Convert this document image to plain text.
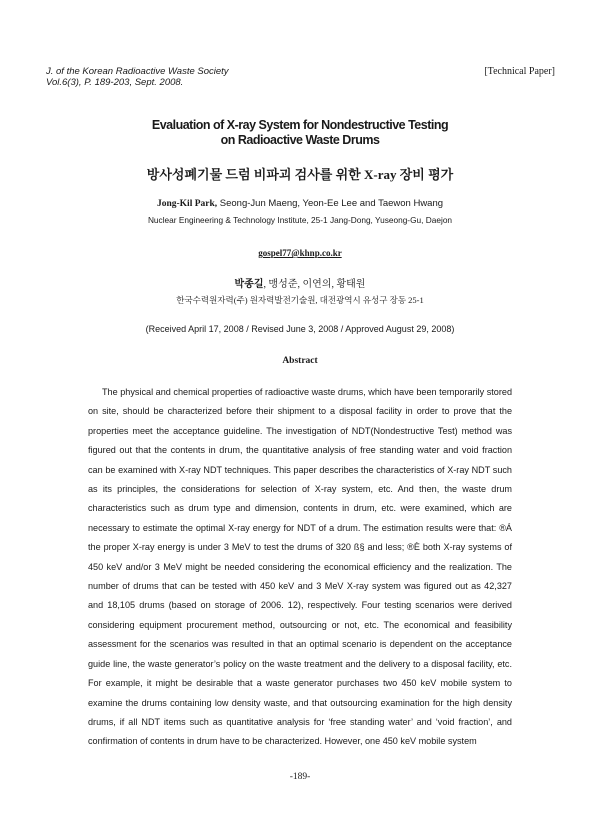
J. of the Korean Radioactive Waste Society
Vol.6(3), P. 189-203, Sept. 2008.
[Technical Paper]
Evaluation of X-ray System for Nondestructive Testing
on Radioactive Waste Drums
방사성폐기물 드럼 비파괴 검사를 위한 X-ray 장비 평가
Jong-Kil Park, Seong-Jun Maeng, Yeon-Ee Lee and Taewon Hwang
Nuclear Engineering & Technology Institute, 25-1 Jang-Dong, Yuseong-Gu, Daejon
gospel77@khnp.co.kr
박종길, 맹성준, 이연의, 황태원
한국수력원자력(주) 원자력발전기술원, 대전광역시 유성구 장동 25-1
(Received April 17, 2008 / Revised June 3, 2008 / Approved August 29, 2008)
Abstract

The physical and chemical properties of radioactive waste drums, which have been temporarily stored on site, should be characterized before their shipment to a disposal facility in order to prove that the properties meet the acceptance guideline. The investigation of NDT(Nondestructive Test) method was figured out that the contents in drum, the quantitative analysis of free standing water and void fraction can be examined with X-ray NDT techniques. This paper describes the characteristics of X-ray NDT such as its principles, the considerations for selection of X-ray system, etc. And then, the waste drum characteristics such as drum type and dimension, contents in drum, etc. were examined, which are necessary to estimate the optimal X-ray energy for NDT of a drum. The estimation results were that: ®Á the proper X-ray energy is under 3 MeV to test the drums of 320 ß§ and less; ®È both X-ray systems of 450 keV and/or 3 MeV might be needed considering the economical efficiency and the realization. The number of drums that can be tested with 450 keV and 3 MeV X-ray system was figured out as 42,327 and 18,105 drums (based on storage of 2006. 12), respectively. Four testing scenarios were derived considering equipment procurement method, outsourcing or not, etc. The economical and feasibility assessment for the scenarios was resulted in that an optimal scenario is dependent on the acceptance guide line, the waste generator’s policy on the waste treatment and the delivery to a disposal facility, etc. For example, it might be desirable that a waste generator purchases two 450 keV mobile system to examine the drums containing low density waste, and that outsourcing examination for the high density drums, if all NDT items such as quantitative analysis for ‘free standing water’ and ‘void fraction’, and confirmation of contents in drum have to be characterized. However, one 450 keV mobile system

-189-
